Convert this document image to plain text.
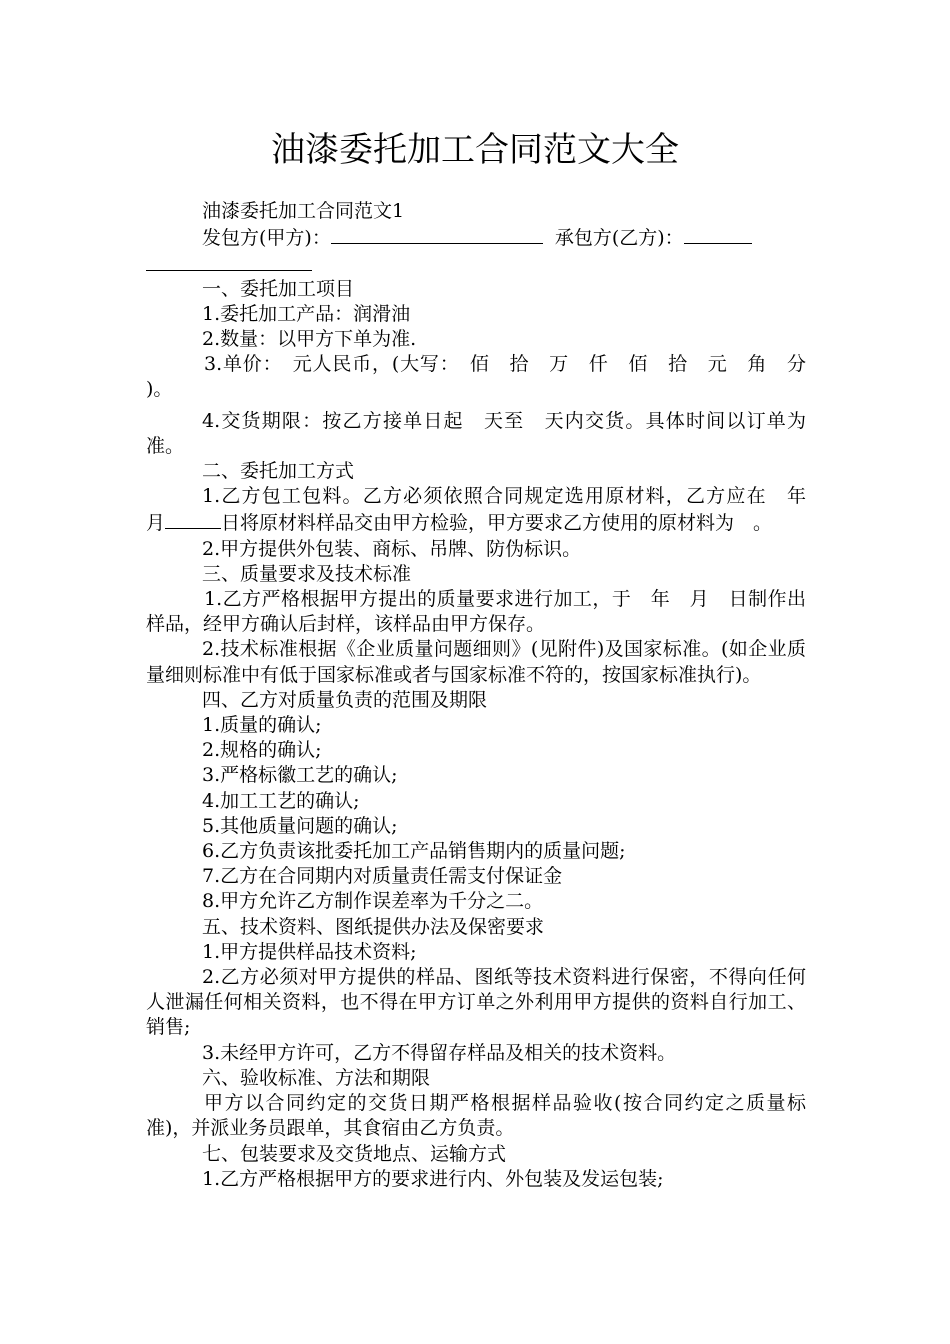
油漆委托加工合同范文大全

油漆委托加工合同范文1

发包方(甲方)：	承包方(乙方)：

一、委托加工项目

1.委托加工产品：润滑油

2.数量：以甲方下单为准.

3.单价：　元人民币，(大写：　佰　拾　万　仟　佰　拾　元　角　分

)。

4.交货期限：按乙方接单日起　天至　天内交货。具体时间以订单为准。

二、委托加工方式

1.乙方包工包料。乙方必须依照合同规定选用原材料，乙方应在　年　月	日将原材料样品交由甲方检验，甲方要求乙方使用的原材料为　。

2.甲方提供外包装、商标、吊牌、防伪标识。

三、质量要求及技术标准

1.乙方严格根据甲方提出的质量要求进行加工，于　年　月　日制作出样品，经甲方确认后封样，该样品由甲方保存。

2.技术标准根据《企业质量问题细则》(见附件)及国家标准。(如企业质量细则标准中有低于国家标准或者与国家标准不符的，按国家标准执行)。

四、乙方对质量负责的范围及期限

1.质量的确认;

2.规格的确认;

3.严格标徽工艺的确认;

4.加工工艺的确认;

5.其他质量问题的确认;

6.乙方负责该批委托加工产品销售期内的质量问题;

7.乙方在合同期内对质量责任需支付保证金

8.甲方允许乙方制作误差率为千分之二。

五、技术资料、图纸提供办法及保密要求

1.甲方提供样品技术资料;

2.乙方必须对甲方提供的样品、图纸等技术资料进行保密，不得向任何人泄漏任何相关资料，也不得在甲方订单之外利用甲方提供的资料自行加工、销售;

3.未经甲方许可，乙方不得留存样品及相关的技术资料。

六、验收标准、方法和期限

甲方以合同约定的交货日期严格根据样品验收(按合同约定之质量标准)，并派业务员跟单，其食宿由乙方负责。

七、包装要求及交货地点、运输方式

1.乙方严格根据甲方的要求进行内、外包装及发运包装;
